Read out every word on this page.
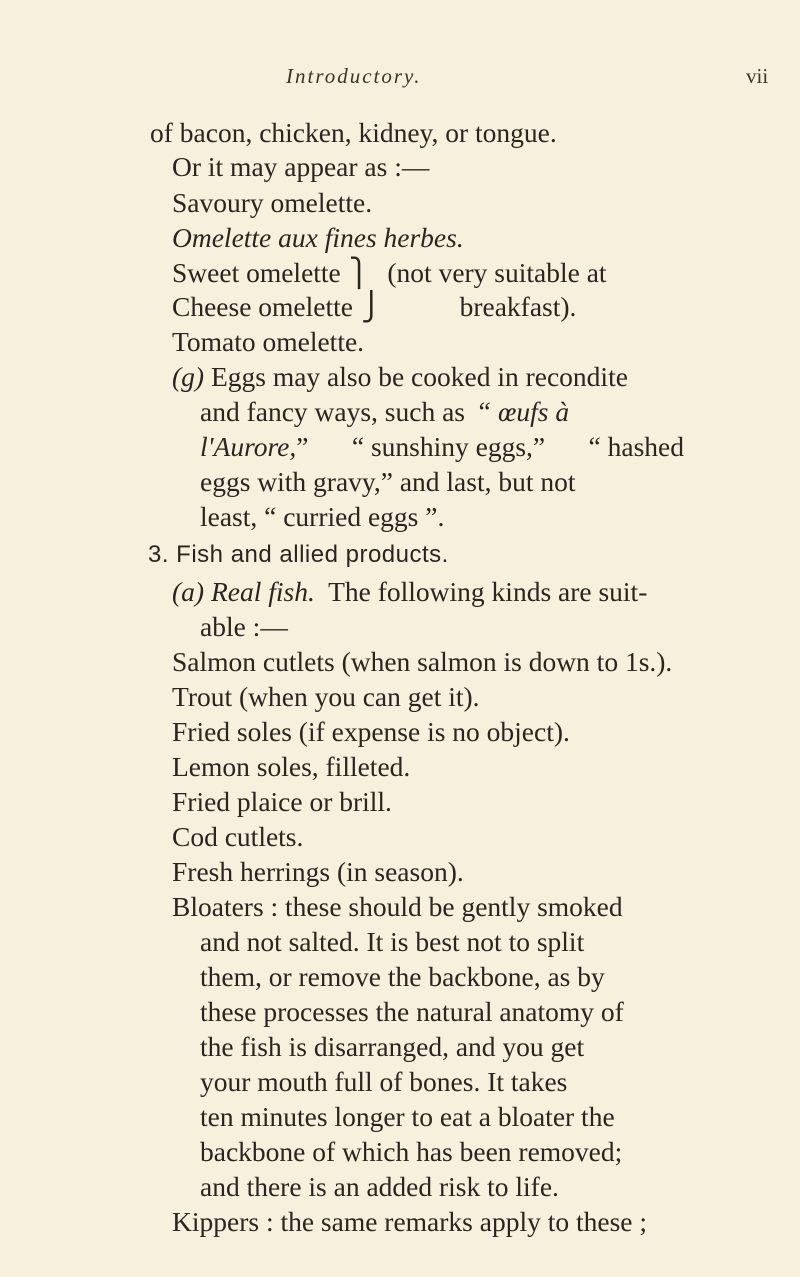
Introductory.	vii
of bacon, chicken, kidney, or tongue.
Or it may appear as :—
Savoury omelette.
Omelette aux fines herbes.
Sweet omelette ⎫ (not very suitable at
Cheese omelette ⎭	breakfast).
Tomato omelette.
(g) Eggs may also be cooked in recondite
and fancy ways, such as “ œufs à
l'Aurore,” “ sunshiny eggs,” “ hashed
eggs with gravy,” and last, but not
least, “ curried eggs ”.
3. Fish and allied products.
(a) Real fish. The following kinds are suit-
able :—
Salmon cutlets (when salmon is down to 1s.).
Trout (when you can get it).
Fried soles (if expense is no object).
Lemon soles, filleted.
Fried plaice or brill.
Cod cutlets.
Fresh herrings (in season).
Bloaters : these should be gently smoked
and not salted. It is best not to split
them, or remove the backbone, as by
these processes the natural anatomy of
the fish is disarranged, and you get
your mouth full of bones. It takes
ten minutes longer to eat a bloater the
backbone of which has been removed;
and there is an added risk to life.
Kippers : the same remarks apply to these ;
